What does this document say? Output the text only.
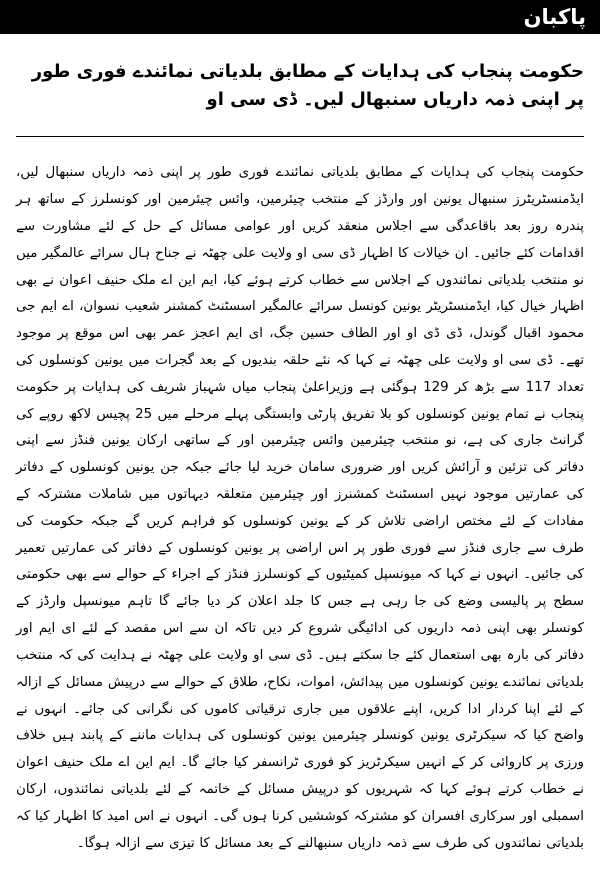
پاکبان
حکومت پنجاب کی ہدایات کے مطابق بلدیاتی نمائندے فوری طور پر اپنی ذمہ داریاں سنبھال لیں۔ ڈی سی او

حکومت پنجاب کی ہدایات کے مطابق بلدیاتی نمائندے فوری طور پر اپنی ذمہ داریاں سنبھال لیں، ایڈمنسٹریٹرز سنبھال یونین اور وارڈز کے منتخب چیئرمین، وائس چیئرمین اور کونسلرز کے ساتھ ہر پندرہ روز بعد باقاعدگی سے اجلاس منعقد کریں اور عوامی مسائل کے حل کے لئے مشاورت سے اقدامات کئے جائیں۔ ان خیالات کا اظہار ڈی سی او ولایت علی چھٹہ نے جناح ہال سرائے عالمگیر میں نو منتخب بلدیاتی نمائندوں کے اجلاس سے خطاب کرتے ہوئے کیا، ایم این اے ملک حنیف اعوان نے بھی اظہار خیال کیا، ایڈمنسٹریٹر یونین کونسل سرائے عالمگیر اسسٹنٹ کمشنر شعیب نسوان، اے ایم جی محمود اقبال گوندل، ڈی ڈی او اور الطاف حسین جگ، ای ایم اعجز عمر بھی اس موقع پر موجود تھے۔ ڈی سی او ولایت علی چھٹہ نے کہا کہ نئے حلقہ بندیوں کے بعد گجرات میں یونین کونسلوں کی تعداد 117 سے بڑھ کر 129 ہوگئی ہے وزیراعلیٰ پنجاب میاں شہباز شریف کی ہدایات پر حکومت پنجاب نے تمام یونین کونسلوں کو بلا تفریق پارٹی وابستگی پہلے مرحلے میں 25 پچیس لاکھ روپے کی گرانٹ جاری کی ہے، نو منتخب چیئرمین وائس چیئرمین اور کے ساتھی ارکان یونین فنڈز سے اپنی دفاتر کی تزئین و آرائش کریں اور ضروری سامان خرید لیا جائے جبکہ جن یونین کونسلوں کے دفاتر کی عمارتیں موجود نہیں اسسٹنٹ کمشنرز اور چیئرمین متعلقہ دیہاتوں میں شاملات مشترکہ کے مفادات کے لئے مختص اراضی تلاش کر کے یونین کونسلوں کو فراہم کریں گے جبکہ حکومت کی طرف سے جاری فنڈز سے فوری طور پر اس اراضی پر یونین کونسلوں کے دفاتر کی عمارتیں تعمیر کی جائیں۔ انہوں نے کہا کہ میونسپل کمیٹیوں کے کونسلرز فنڈز کے اجراء کے حوالے سے بھی حکومتی سطح پر پالیسی وضع کی جا رہی ہے جس کا جلد اعلان کر دیا جائے گا تاہم میونسپل وارڈز کے کونسلر بھی اپنی ذمہ داریوں کی ادائیگی شروع کر دیں تاکہ ان سے اس مقصد کے لئے ای ایم اور دفاتر کی بارہ بھی استعمال کئے جا سکتے ہیں۔ ڈی سی او ولایت علی چھٹہ نے ہدایت کی کہ منتخب بلدیاتی نمائندے یونین کونسلوں میں پیدائش، اموات، نکاح، طلاق کے حوالے سے درپیش مسائل کے ازالہ کے لئے اپنا کردار ادا کریں، اپنے علاقوں میں جاری ترقیاتی کاموں کی نگرانی کی جائے۔ انہوں نے واضح کیا کہ سیکرٹری یونین کونسلر چیئرمین یونین کونسلوں کی ہدایات ماننے کے پابند ہیں خلاف ورزی پر کاروائی کر کے انہیں سیکرٹریز کو فوری ٹرانسفر کیا جائے گا۔ ایم این اے ملک حنیف اعوان نے خطاب کرتے ہوئے کہا کہ شہریوں کو درپیش مسائل کے خاتمہ کے لئے بلدیاتی نمائندوں، ارکان اسمبلی اور سرکاری افسران کو مشترکہ کوششیں کرنا ہوں گی۔ انہوں نے اس امید کا اظہار کیا کہ بلدیاتی نمائندوں کی طرف سے ذمہ داریاں سنبھالنے کے بعد مسائل کا تیزی سے ازالہ ہوگا۔
